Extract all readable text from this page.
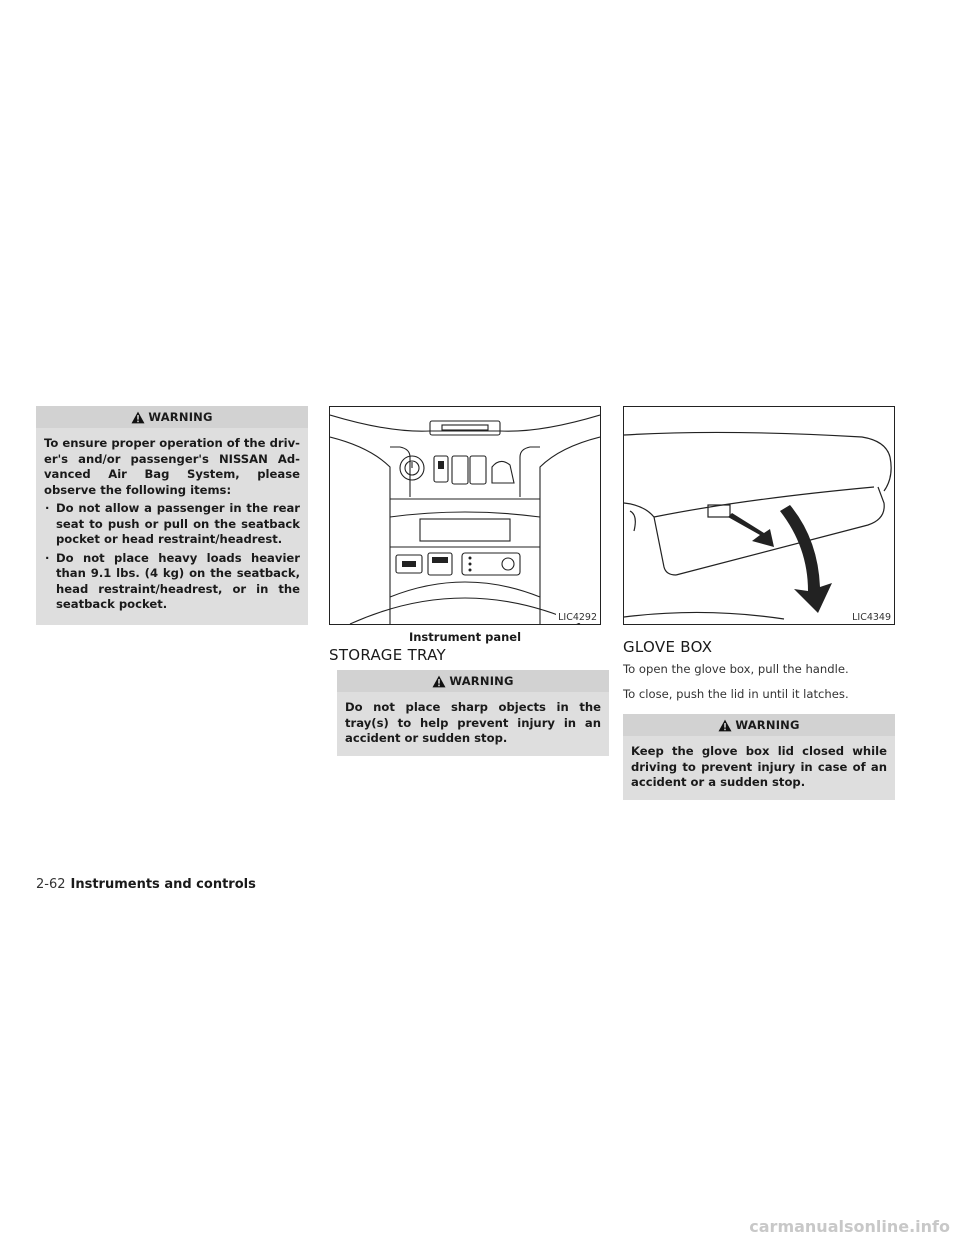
WARNING

To ensure proper operation of the driv- er's and/or passenger's NISSAN Ad- vanced Air Bag System, please observe the following items:

· Do not allow a passenger in the rear seat to push or pull on the seatback pocket or head restraint/headrest.
· Do not place heavy loads heavier than 9.1 lbs. (4 kg) on the seatback, head restraint/headrest, or in the seatback pocket.
LIC4292
Instrument panel
STORAGE TRAY
WARNING

Do not place sharp objects in the tray(s) to help prevent injury in an accident or sudden stop.

LIC4349
GLOVE BOX

To open the glove box, pull the handle.

To close, push the lid in until it latches.

WARNING

Keep the glove box lid closed while driving to prevent injury in case of an accident or a sudden stop.

2-62 Instruments and controls
carmanualsonline.info
